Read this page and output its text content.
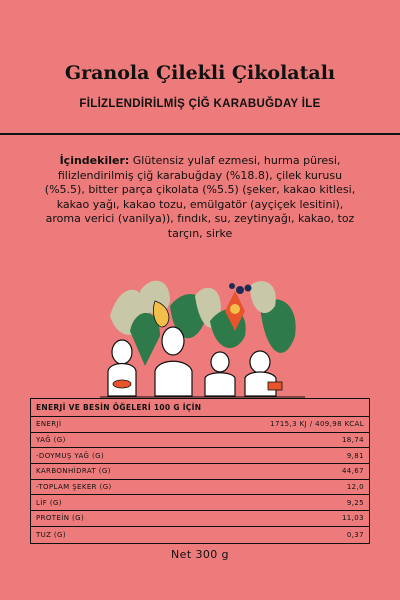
Granola Çilekli Çikolatalı
FİLİZLENDİRİLMİŞ ÇİĞ KARABUĞDAY İLE
İçindekiler: Glütensiz yulaf ezmesi, hurma püresi, filizlendirilmiş çiğ karabuğday (%18.8), çilek kurusu (%5.5), bitter parça çikolata (%5.5) (şeker, kakao kitlesi, kakao yağı, kakao tozu, emülgatör (ayçiçek lesitini), aroma verici (vanilya)), fındık, su, zeytinyağı, kakao, toz tarçın, sirke
ENERJİ VE BESİN ÖĞELERİ 100 G İÇİN
ENERJİ	1715,3 KJ / 409,98 KCAL
YAĞ (G)	18,74
-DOYMUŞ YAĞ (G)	9,81
KARBONHİDRAT (G)	44,67
-TOPLAM ŞEKER (G)	12,0
LİF (G)	9,25
PROTEİN (G)	11,03
TUZ (G)	0,37
Net 300 g
